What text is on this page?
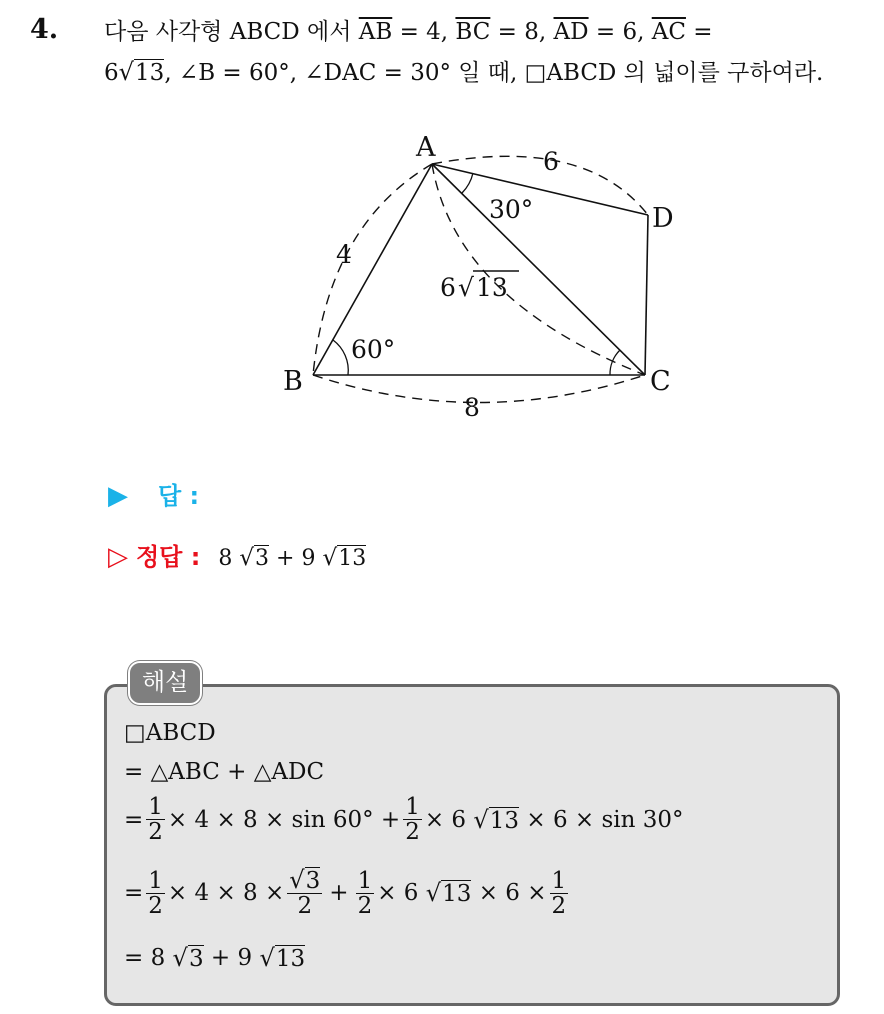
4. 다음 사각형 ABCD 에서 $\overline{AB} = 4$, $\overline{BC} = 8$, $\overline{AD} = 6$, $\overline{AC}$ =
6√13, ∠B = 60°, ∠DAC = 30° 일 때, □ABCD 의 넓이를 구하여라.
A
B	C
D
4
6
8
6 √ 13
60°
30°
▶ 답 :
▷ 정답 : 8 √3 + 9 √13
해설
□ABCD
= △ABC + △ADC
= $\frac{1}{2} \times 4 \times 8 \times \sin 60^\circ + \frac{1}{2} \times 6$
√13
× 6 × sin 30°
= $\frac{1}{2} \times 4 \times 8 \times \frac{√3}{2} + \frac{1}{2} \times 6$
√13
× $6 \times \frac{1}{2}$
=
8
√3
+
9
√13
